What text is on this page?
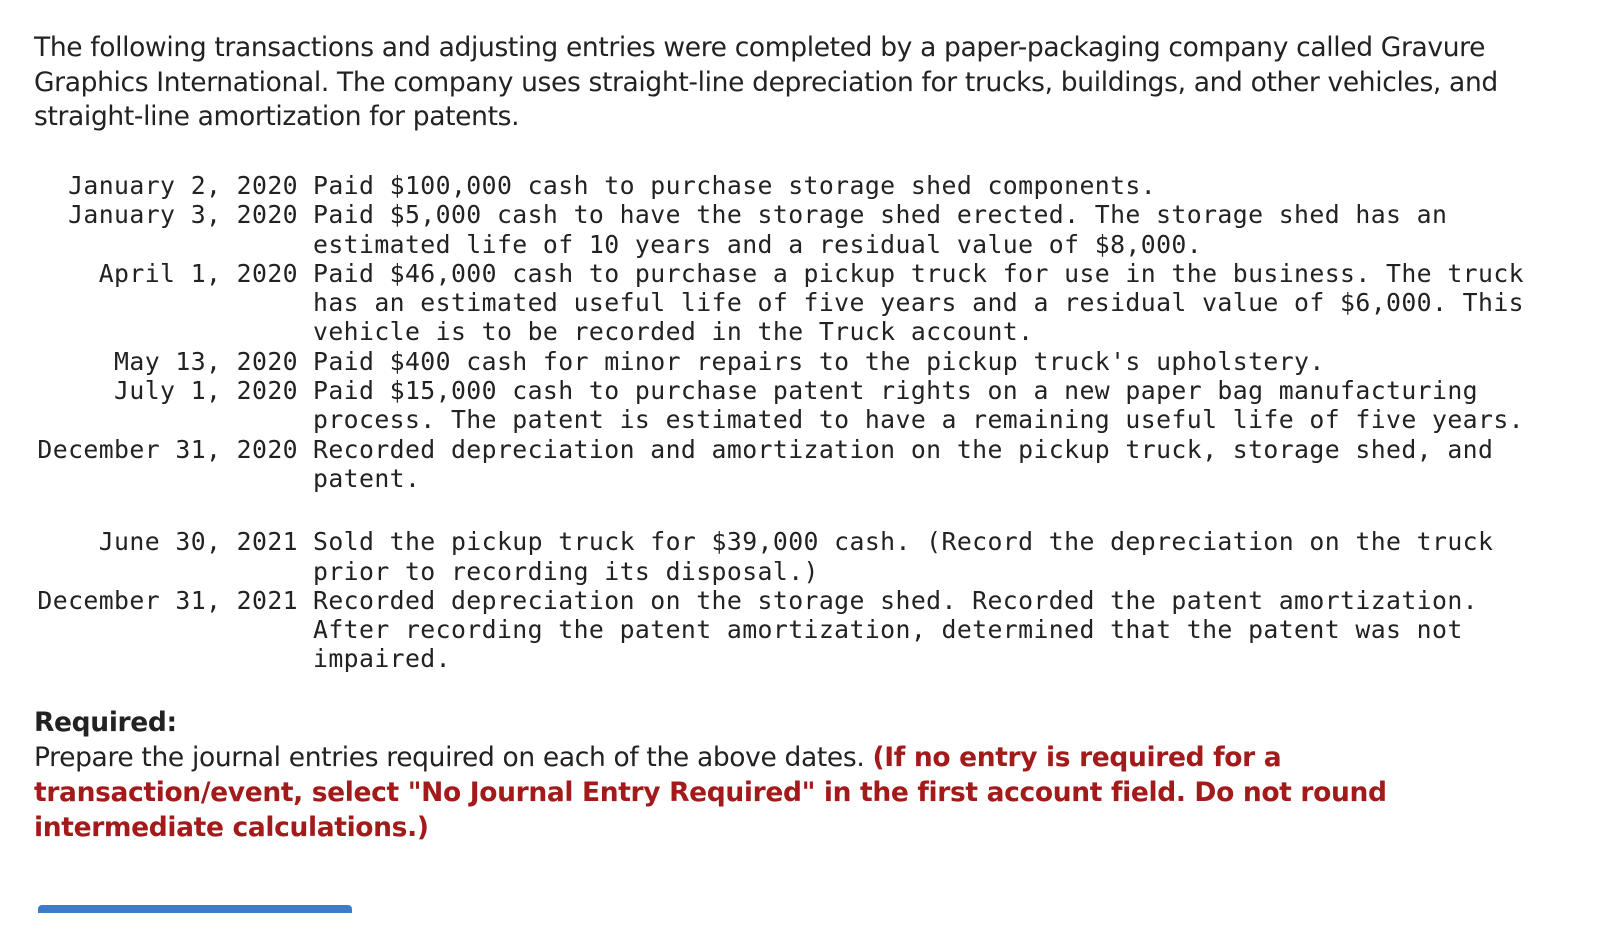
The following transactions and adjusting entries were completed by a paper-packaging company called Gravure Graphics International. The company uses straight-line depreciation for trucks, buildings, and other vehicles, and straight-line amortization for patents.

January 2, 2020 Paid $100,000 cash to purchase storage shed components.
January 3, 2020 Paid $5,000 cash to have the storage shed erected. The storage shed has an estimated life of 10 years and a residual value of $8,000.
April 1, 2020 Paid $46,000 cash to purchase a pickup truck for use in the business. The truck has an estimated useful life of five years and a residual value of $6,000. This vehicle is to be recorded in the Truck account.
May 13, 2020 Paid $400 cash for minor repairs to the pickup truck's upholstery.
July 1, 2020 Paid $15,000 cash to purchase patent rights on a new paper bag manufacturing process. The patent is estimated to have a remaining useful life of five years.
December 31, 2020 Recorded depreciation and amortization on the pickup truck, storage shed, and patent.
June 30, 2021 Sold the pickup truck for $39,000 cash. (Record the depreciation on the truck prior to recording its disposal.)
December 31, 2021 Recorded depreciation on the storage shed. Recorded the patent amortization. After recording the patent amortization, determined that the patent was not impaired.
Required:
Prepare the journal entries required on each of the above dates. (If no entry is required for a transaction/event, select "No Journal Entry Required" in the first account field. Do not round intermediate calculations.)
